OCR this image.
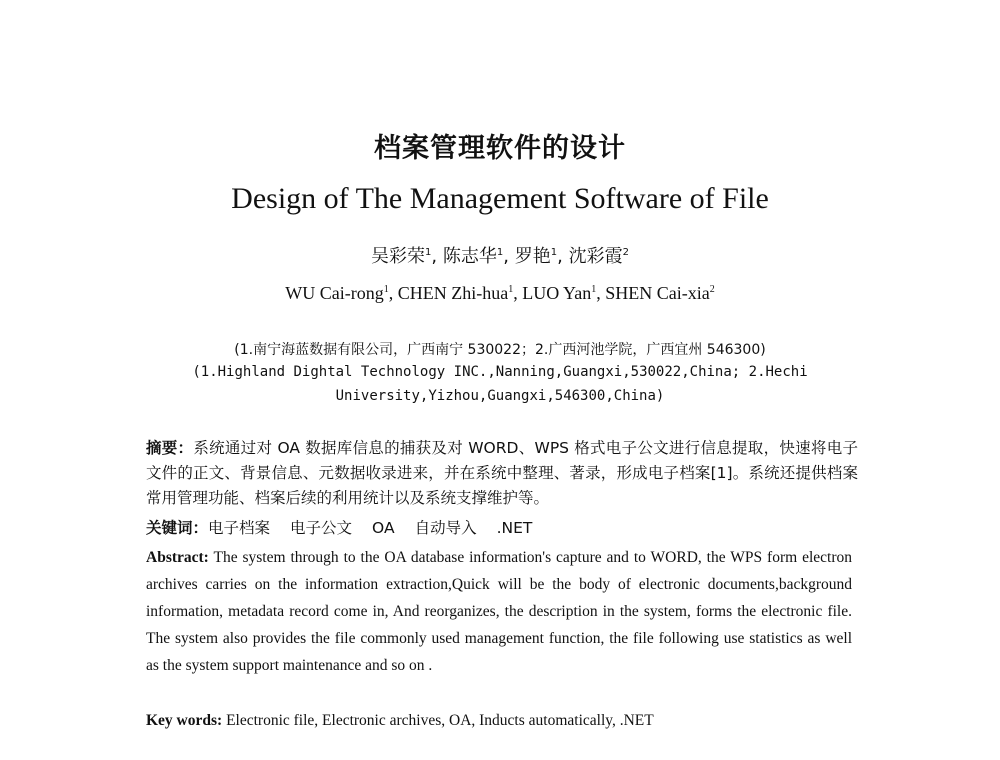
档案管理软件的设计
Design of The Management Software of File
吴彩荣$^1$, 陈志华$^1$, 罗艳$^1$, 沈彩霞$^2$
WU Cai-rong$^1$, CHEN Zhi-hua$^1$, LUO Yan$^1$, SHEN Cai-xia$^2$
(1.南宁海蓝数据有限公司，广西南宁 530022；2.广西河池学院，广西宜州 546300)
(1.Highland Dightal Technology INC.,Nanning,Guangxi,530022,China; 2.Hechi
University,Yizhou,Guangxi,546300,China)
摘要：系统通过对 OA 数据库信息的捕获及对 WORD、WPS 格式电子公文进行信息提取，快速将电子文件的正文、背景信息、元数据收录进来，并在系统中整理、著录，形成电子档案[1]。系统还提供档案常用管理功能、档案后续的利用统计以及系统支撑维护等。
关键词：电子档案 电子公文 OA 自动导入 .NET
Abstract: The system through to the OA database information's capture and to WORD, the WPS form electron archives carries on the information extraction,Quick will be the body of electronic documents,background information, metadata record come in, And reorganizes, the description in the system, forms the electronic file. The system also provides the file commonly used management function, the file following use statistics as well as the system support maintenance and so on .
Key words: Electronic file, Electronic archives, OA, Inducts automatically, .NET
